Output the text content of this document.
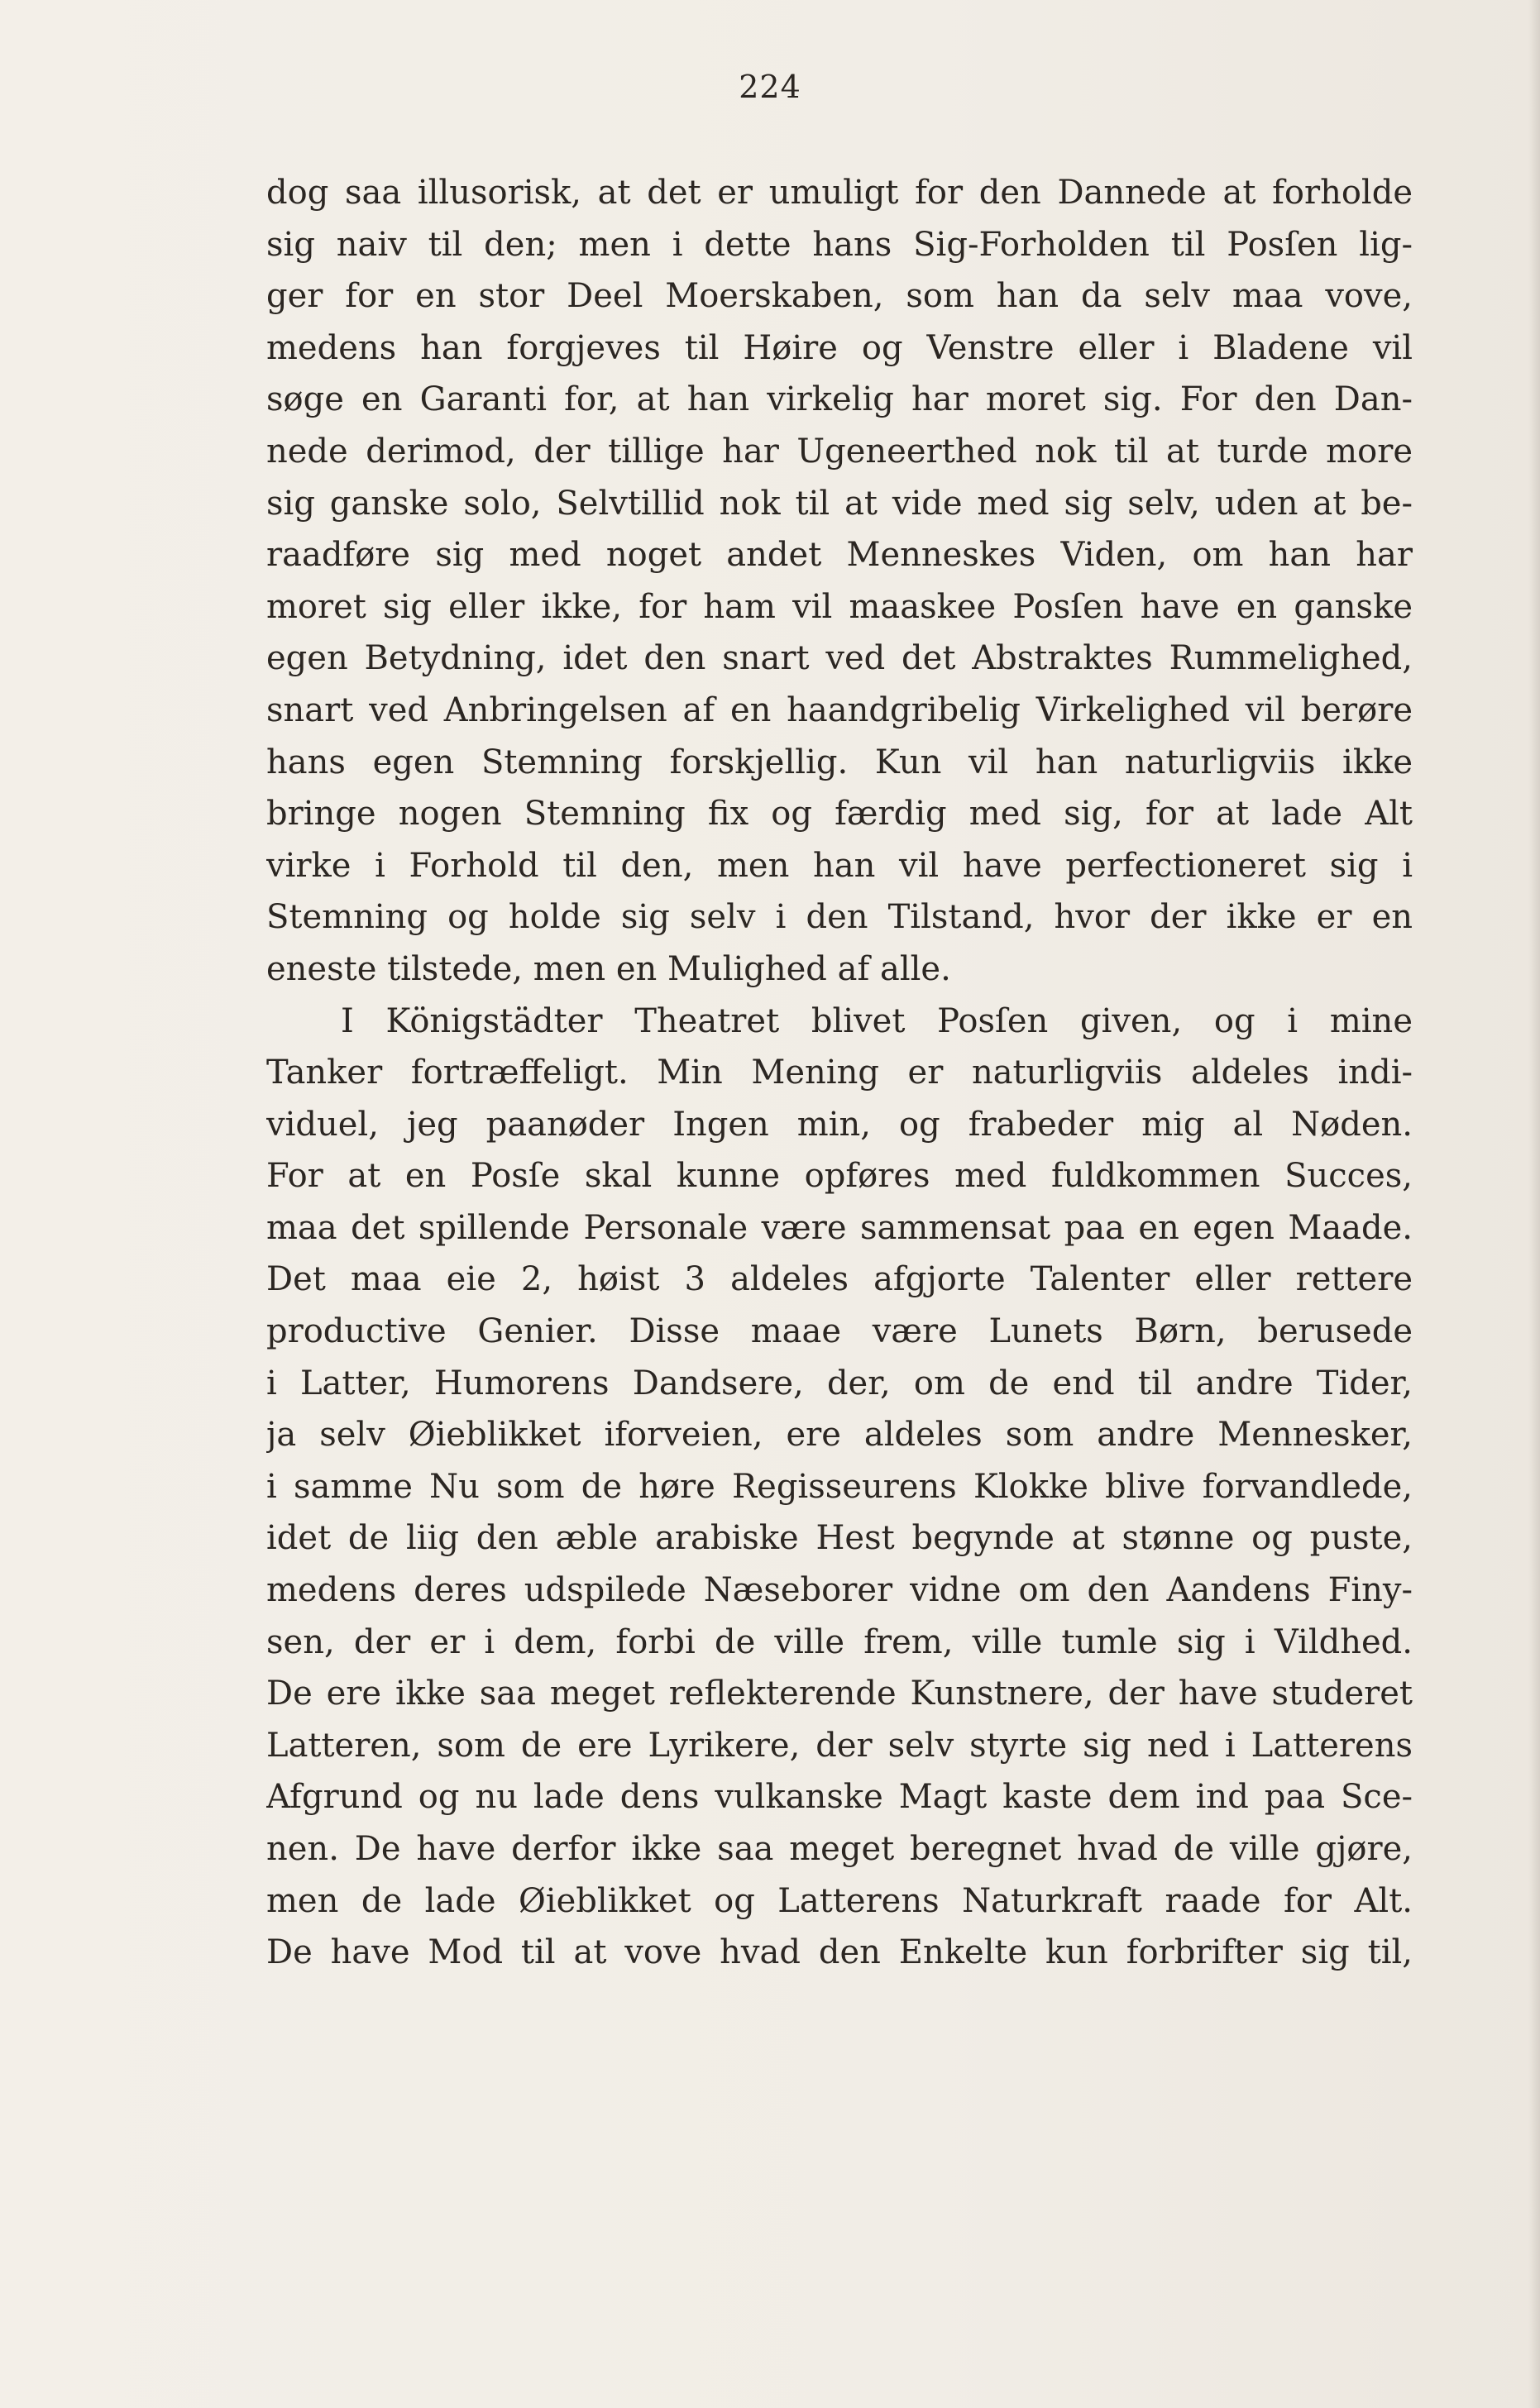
224
dog saa illusorisk, at det er umuligt for den Dannede at forholde
sig naiv til den; men i dette hans Sig-Forholden til Posſen lig-
ger for en stor Deel Moerskaben, som han da selv maa vove,
medens han forgjeves til Høire og Venstre eller i Bladene vil
søge en Garanti for, at han virkelig har moret sig. For den Dan-
nede derimod, der tillige har Ugeneerthed nok til at turde more
sig ganske solo, Selvtillid nok til at vide med sig selv, uden at be-
raadføre sig med noget andet Menneskes Viden, om han har
moret sig eller ikke, for ham vil maaskee Posſen have en ganske
egen Betydning, idet den snart ved det Abstraktes Rummelighed,
snart ved Anbringelsen af en haandgribelig Virkelighed vil berøre
hans egen Stemning forskjellig. Kun vil han naturligviis ikke
bringe nogen Stemning fix og færdig med sig, for at lade Alt
virke i Forhold til den, men han vil have perfectioneret sig i
Stemning og holde sig selv i den Tilstand, hvor der ikke er en
eneste tilstede, men en Mulighed af alle.
I Königstädter Theatret blivet Posſen given, og i mine
Tanker fortræffeligt. Min Mening er naturligviis aldeles indi-
viduel, jeg paanøder Ingen min, og frabeder mig al Nøden.
For at en Posſe skal kunne opføres med fuldkommen Succes,
maa det spillende Personale være sammensat paa en egen Maade.
Det maa eie 2, høist 3 aldeles afgjorte Talenter eller rettere
productive Genier. Disse maae være Lunets Børn, berusede
i Latter, Humorens Dandsere, der, om de end til andre Tider,
ja selv Øieblikket iforveien, ere aldeles som andre Mennesker,
i samme Nu som de høre Regisseurens Klokke blive forvandlede,
idet de liig den æble arabiske Hest begynde at stønne og puste,
medens deres udspilede Næseborer vidne om den Aandens Finy-
sen, der er i dem, forbi de ville frem, ville tumle sig i Vildhed.
De ere ikke saa meget reflekterende Kunstnere, der have studeret
Latteren, som de ere Lyrikere, der selv styrte sig ned i Latterens
Afgrund og nu lade dens vulkanske Magt kaste dem ind paa Sce-
nen. De have derfor ikke saa meget beregnet hvad de ville gjøre,
men de lade Øieblikket og Latterens Naturkraft raade for Alt.
De have Mod til at vove hvad den Enkelte kun forbrifter sig til,
